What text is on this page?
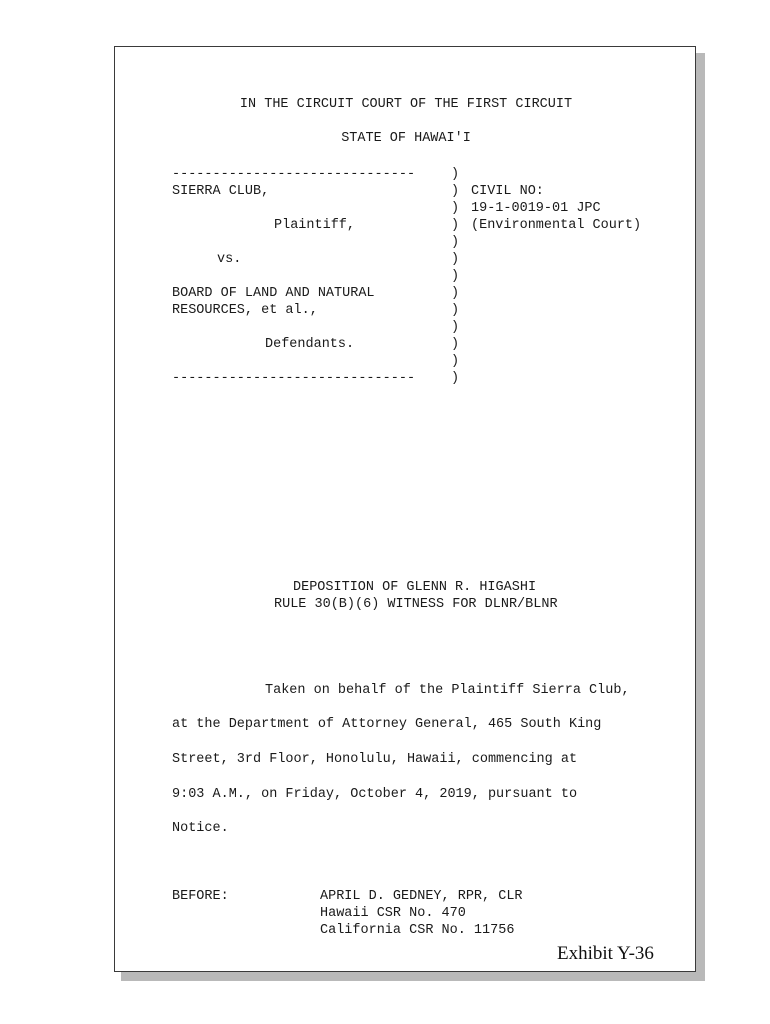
IN THE CIRCUIT COURT OF THE FIRST CIRCUIT
STATE OF HAWAI'I
------------------------------
SIERRA CLUB,
Plaintiff,
vs.
BOARD OF LAND AND NATURAL
RESOURCES, et al.,
Defendants.
------------------------------
)
)
)
)
)
)
)
)
)
)
)
)
)
CIVIL NO:
19-1-0019-01 JPC
(Environmental Court)
DEPOSITION OF GLENN R. HIGASHI
RULE 30(B)(6) WITNESS FOR DLNR/BLNR
Taken on behalf of the Plaintiff Sierra Club,
at the Department of Attorney General, 465 South King
Street, 3rd Floor, Honolulu, Hawaii, commencing at
9:03 A.M., on Friday, October 4, 2019, pursuant to
Notice.
BEFORE:	APRIL D. GEDNEY, RPR, CLR
Hawaii CSR No. 470
California CSR No. 11756
Exhibit Y-36
